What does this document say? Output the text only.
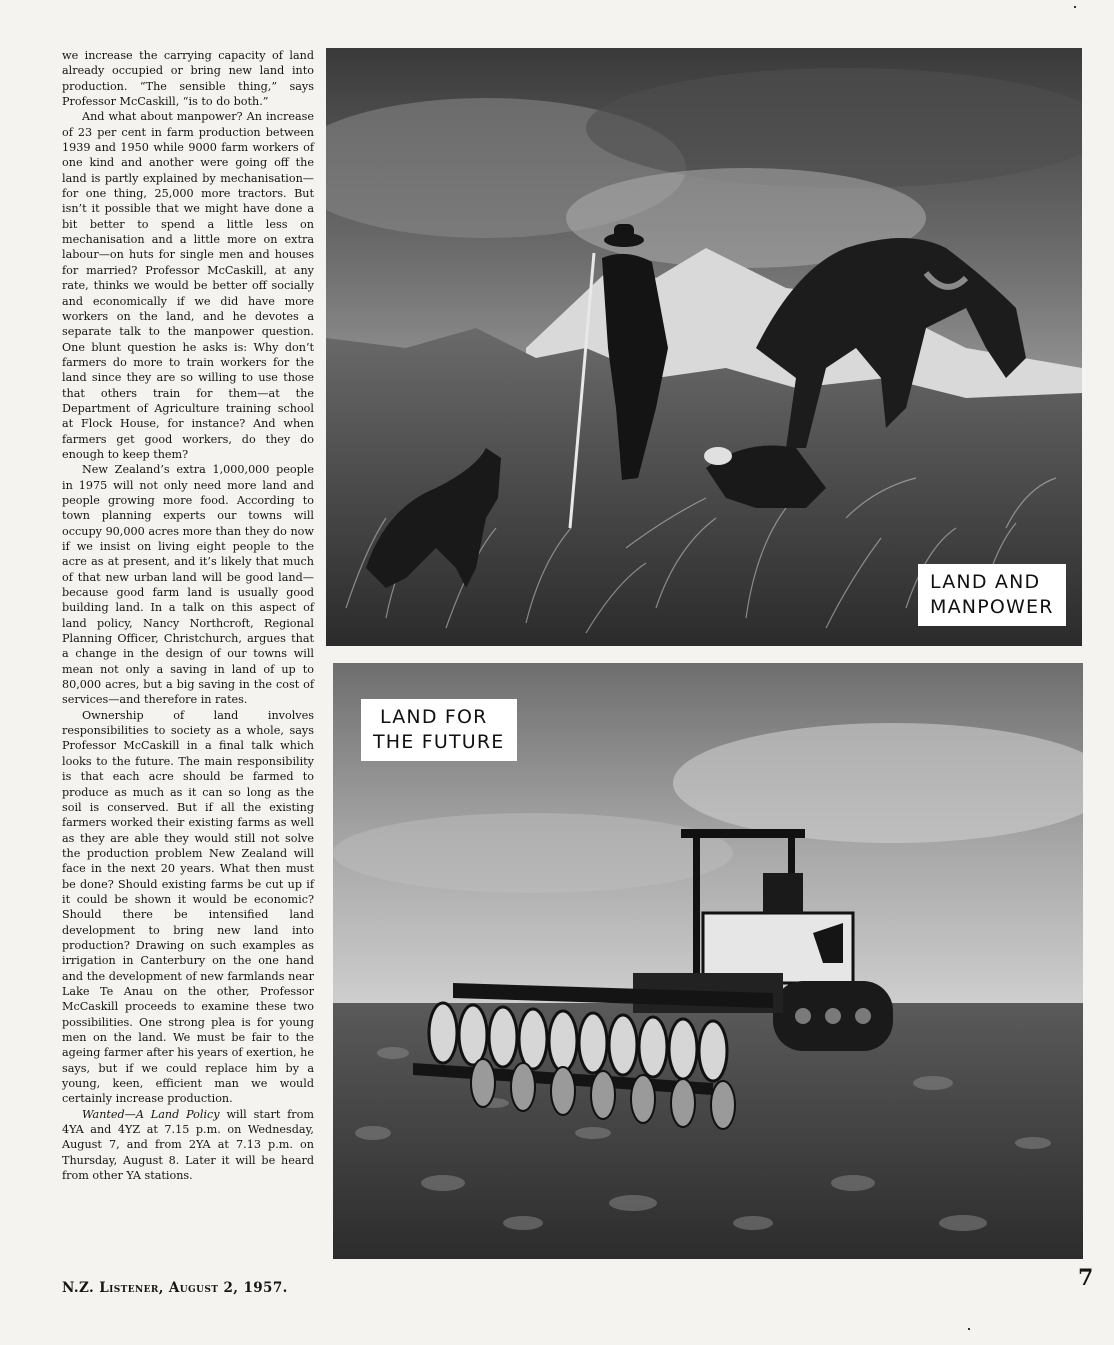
we increase the carrying capacity of land already occupied or bring new land into production. “The sensible thing,” says Professor McCaskill, “is to do both.”

And what about manpower? An increase of 23 per cent in farm production between 1939 and 1950 while 9000 farm workers of one kind and another were going off the land is partly explained by mechanisation—for one thing, 25,000 more tractors. But isn’t it possible that we might have done a bit better to spend a little less on mechanisation and a little more on extra labour—on huts for single men and houses for married? Professor McCaskill, at any rate, thinks we would be better off socially and economically if we did have more workers on the land, and he devotes a separate talk to the manpower question. One blunt question he asks is: Why don’t farmers do more to train workers for the land since they are so willing to use those that others train for them—at the Department of Agriculture training school at Flock House, for instance? And when farmers get good workers, do they do enough to keep them?

New Zealand’s extra 1,000,000 people in 1975 will not only need more land and people growing more food. According to town planning experts our towns will occupy 90,000 acres more than they do now if we insist on living eight people to the acre as at present, and it’s likely that much of that new urban land will be good land—because good farm land is usually good building land. In a talk on this aspect of land policy, Nancy Northcroft, Regional Planning Officer, Christchurch, argues that a change in the design of our towns will mean not only a saving in land of up to 80,000 acres, but a big saving in the cost of services—and therefore in rates.

Ownership of land involves responsibilities to society as a whole, says Professor McCaskill in a final talk which looks to the future. The main responsibility is that each acre should be farmed to produce as much as it can so long as the soil is conserved. But if all the existing farmers worked their existing farms as well as they are able they would still not solve the production problem New Zealand will face in the next 20 years. What then must be done? Should existing farms be cut up if it could be shown it would be economic? Should there be intensified land development to bring new land into production? Drawing on such examples as irrigation in Canterbury on the one hand and the development of new farmlands near Lake Te Anau on the other, Professor McCaskill proceeds to examine these two possibilities. One strong plea is for young men on the land. We must be fair to the ageing farmer after his years of exertion, he says, but if we could replace him by a young, keen, efficient man we would certainly increase production.

Wanted—A Land Policy will start from 4YA and 4YZ at 7.15 p.m. on Wednesday, August 7, and from 2YA at 7.13 p.m. on Thursday, August 8. Later it will be heard from other YA stations.

LAND AND
MANPOWER
LAND FOR
THE FUTURE
N.Z. Listener, August 2, 1957.	7
